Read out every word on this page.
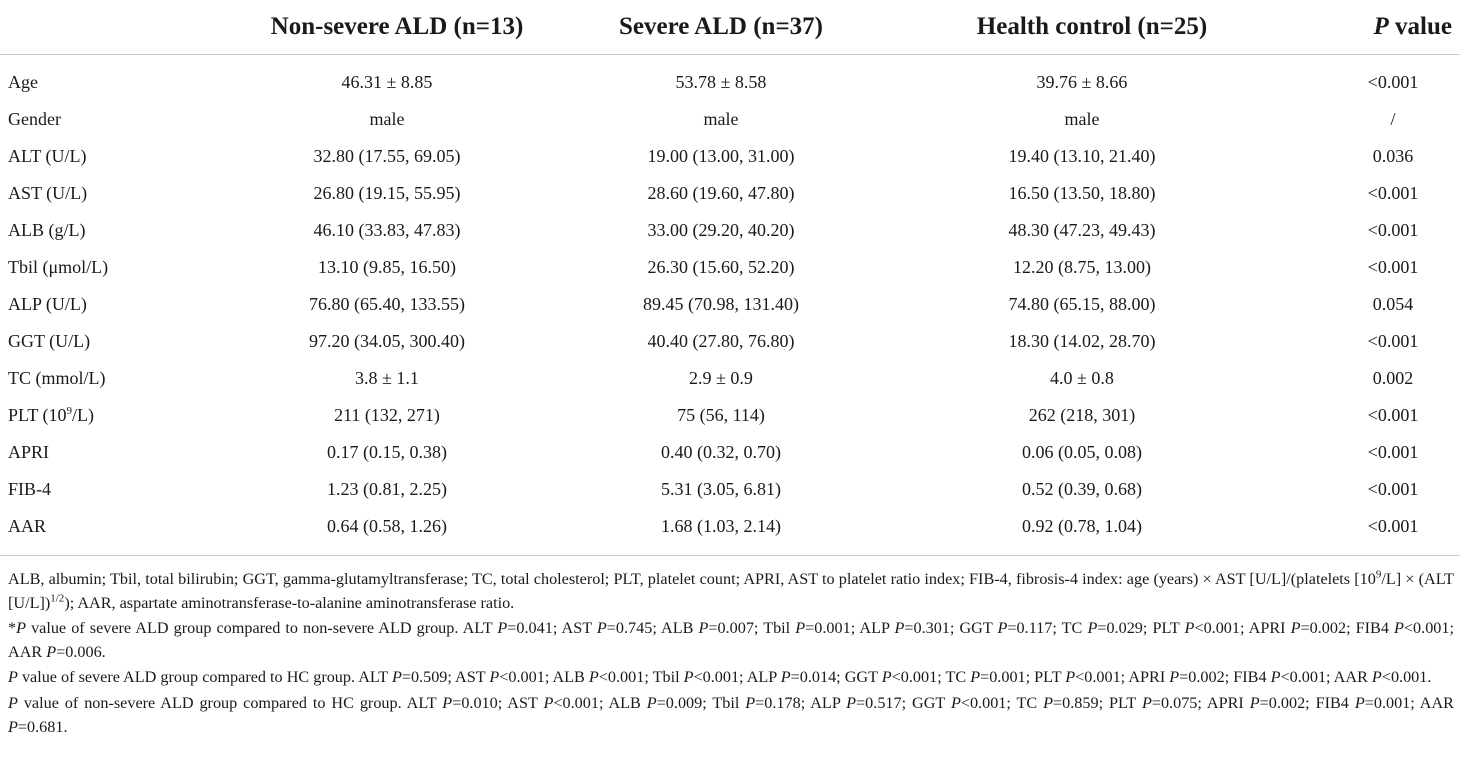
	Non-severe ALD (n=13)	Severe ALD (n=37)	Health control (n=25)	P value
Age	46.31 ± 8.85	53.78 ± 8.58	39.76 ± 8.66	<0.001
Gender	male	male	male	/
ALT (U/L)	32.80 (17.55, 69.05)	19.00 (13.00, 31.00)	19.40 (13.10, 21.40)	0.036
AST (U/L)	26.80 (19.15, 55.95)	28.60 (19.60, 47.80)	16.50 (13.50, 18.80)	<0.001
ALB (g/L)	46.10 (33.83, 47.83)	33.00 (29.20, 40.20)	48.30 (47.23, 49.43)	<0.001
Tbil (μmol/L)	13.10 (9.85, 16.50)	26.30 (15.60, 52.20)	12.20 (8.75, 13.00)	<0.001
ALP (U/L)	76.80 (65.40, 133.55)	89.45 (70.98, 131.40)	74.80 (65.15, 88.00)	0.054
GGT (U/L)	97.20 (34.05, 300.40)	40.40 (27.80, 76.80)	18.30 (14.02, 28.70)	<0.001
TC (mmol/L)	3.8 ± 1.1	2.9 ± 0.9	4.0 ± 0.8	0.002
PLT $(10^9/L)$	211 (132, 271)	75 (56, 114)	262 (218, 301)	<0.001
APRI	0.17 (0.15, 0.38)	0.40 (0.32, 0.70)	0.06 (0.05, 0.08)	<0.001
FIB-4	1.23 (0.81, 2.25)	5.31 (3.05, 6.81)	0.52 (0.39, 0.68)	<0.001
AAR	0.64 (0.58, 1.26)	1.68 (1.03, 2.14)	0.92 (0.78, 1.04)	<0.001

ALB, albumin; Tbil, total bilirubin; GGT, gamma-glutamyltransferase; TC, total cholesterol; PLT, platelet count; APRI, AST to platelet ratio index; FIB-4, fibrosis-4 index: age (years) × AST [U/L]/(platelets $[10^9/L] \times (ALT$ [U/L])$^{1/2}$); AAR, aspartate aminotransferase-to-alanine aminotransferase ratio.

*P value of severe ALD group compared to non-severe ALD group. ALT P=0.041; AST P=0.745; ALB P=0.007; Tbil P=0.001; ALP P=0.301; GGT P=0.117; TC P=0.029; PLT P<0.001; APRI P=0.002; FIB4 P<0.001; AAR P=0.006.

P value of severe ALD group compared to HC group. ALT P=0.509; AST P<0.001; ALB P<0.001; Tbil P<0.001; ALP P=0.014; GGT P<0.001; TC P=0.001; PLT P<0.001; APRI P=0.002; FIB4 P<0.001; AAR P<0.001.

P value of non-severe ALD group compared to HC group. ALT P=0.010; AST P<0.001; ALB P=0.009; Tbil P=0.178; ALP P=0.517; GGT P<0.001; TC P=0.859; PLT P=0.075; APRI P=0.002; FIB4 P=0.001; AAR P=0.681.
